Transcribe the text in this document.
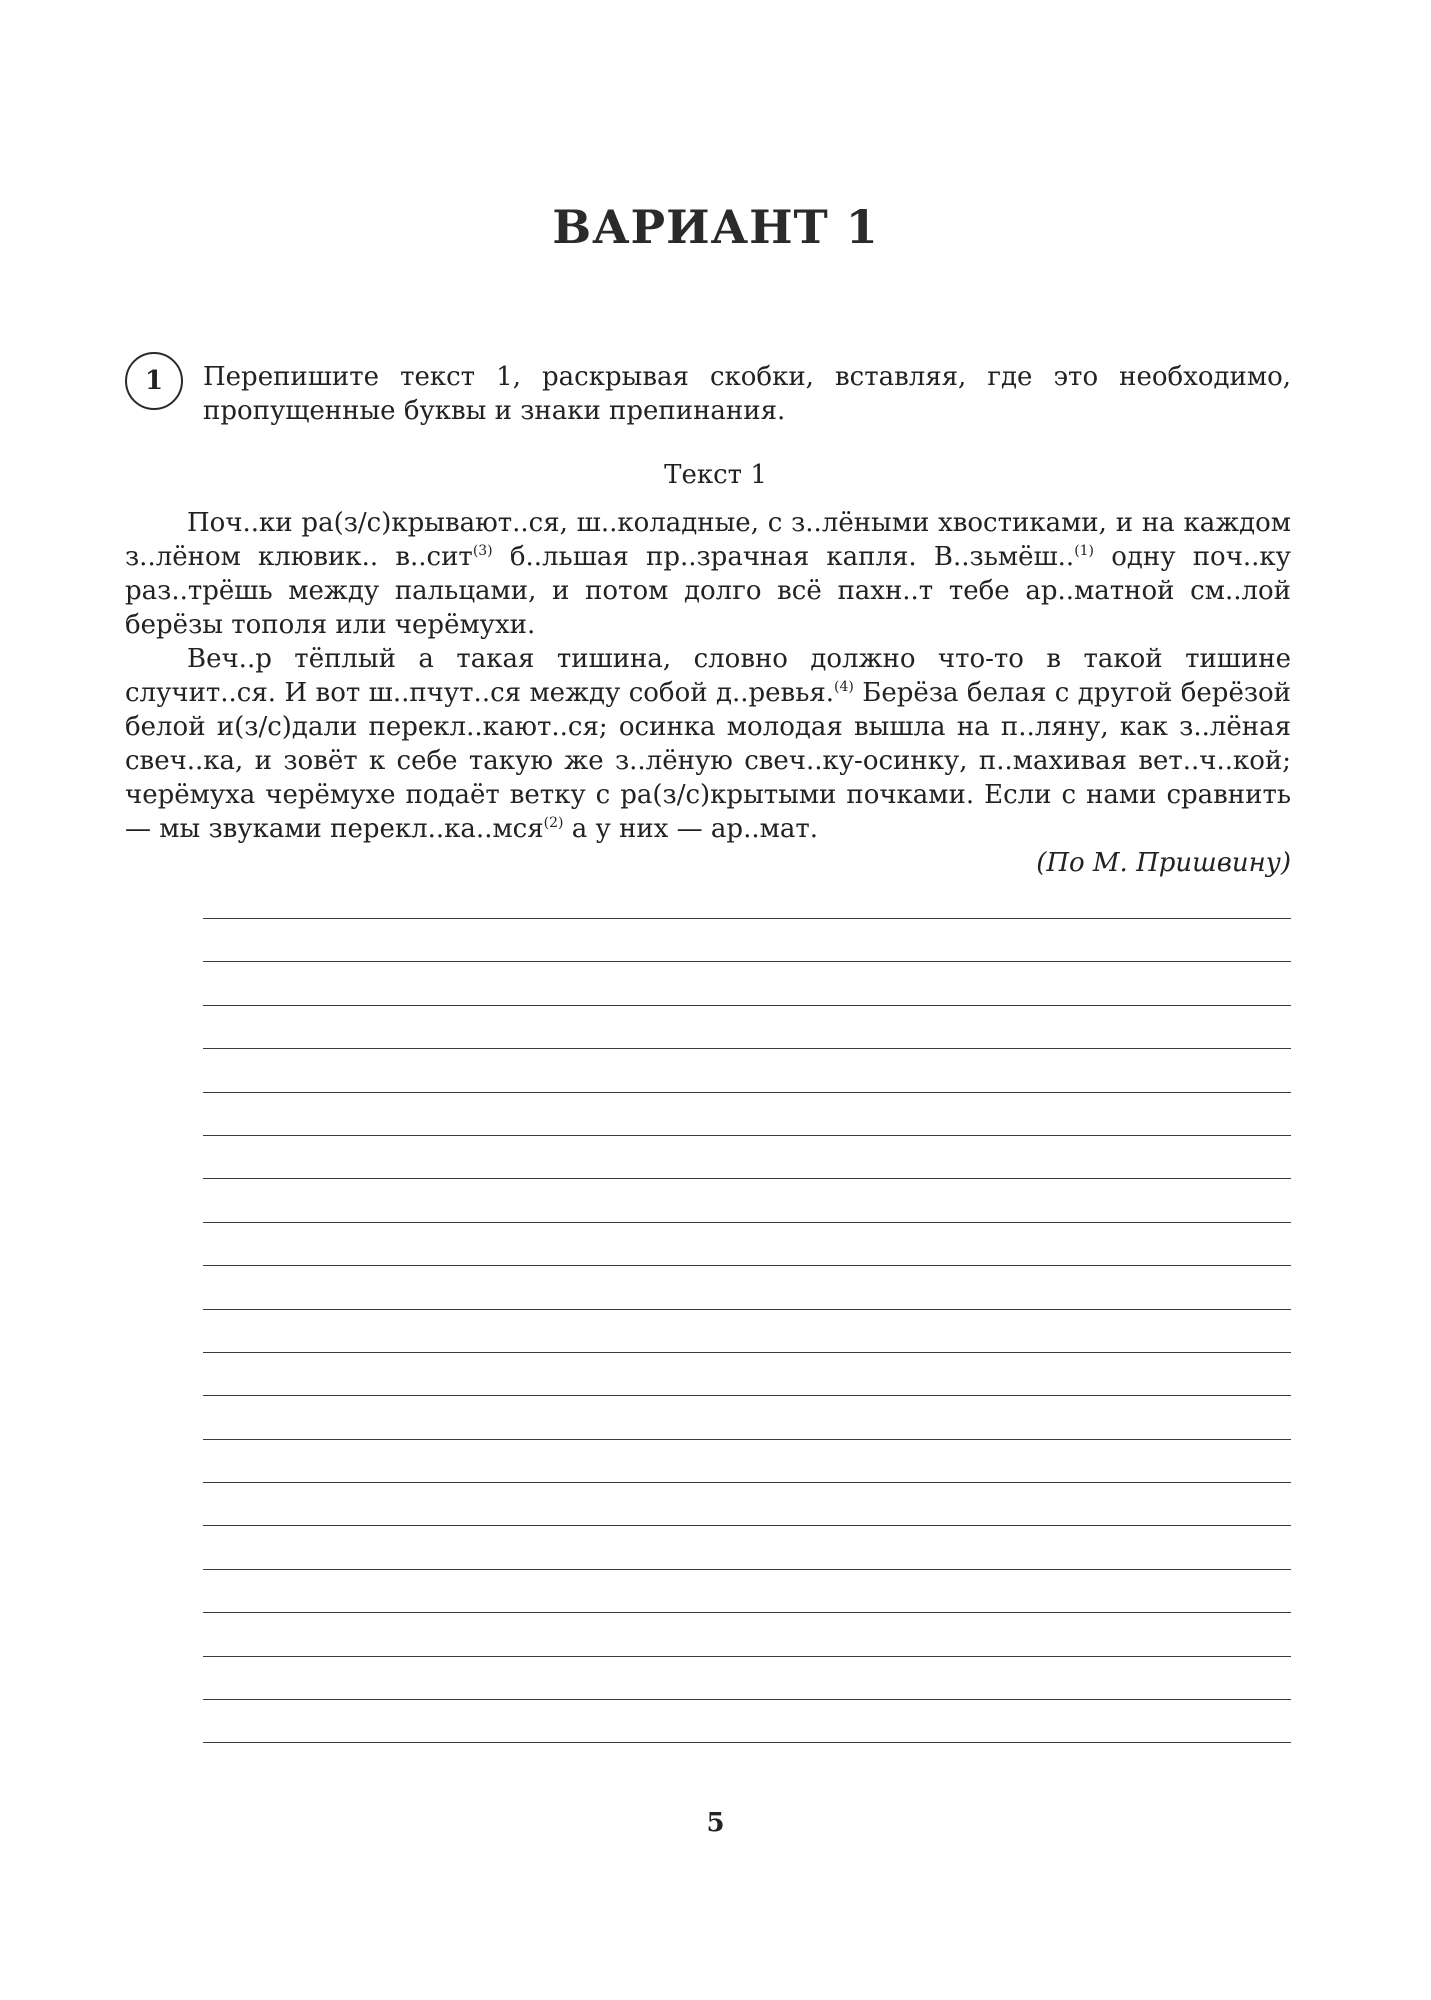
ВАРИАНТ 1
1 Перепишите текст 1, раскрывая скобки, вставляя, где это необходимо, пропущенные буквы и знаки препинания.
Текст 1

Поч..ки ра(з/с)крывают..ся, ш..коладные, с з..лёными хвостиками, и на каждом з..лёном клювик.. в..сит$^{(3)}$ б..льшая пр..зрачная капля. В..зьмёш..$^{(1)}$ одну поч..ку раз..трёшь между пальцами, и потом долго всё пахн..т тебе ар..матной см..лой берёзы тополя или черёмухи.

Веч..р тёплый а такая тишина, словно должно что-то в такой тишине случит..ся. И вот ш..пчут..ся между собой д..ревья.$^{(4)}$ Берёза белая с другой берёзой белой и(з/с)дали перекл..кают..ся; осинка молодая вышла на п..ляну, как з..лёная свеч..ка, и зовёт к себе такую же з..лёную свеч..ку-осинку, п..махивая вет..ч..кой; черёмуха черёмухе подаёт ветку с ра(з/с)крытыми почками. Если с нами сравнить — мы звуками перекл..ка..мся$^{(2)}$ а у них — ар..мат.

(По М. Пришвину)
5
